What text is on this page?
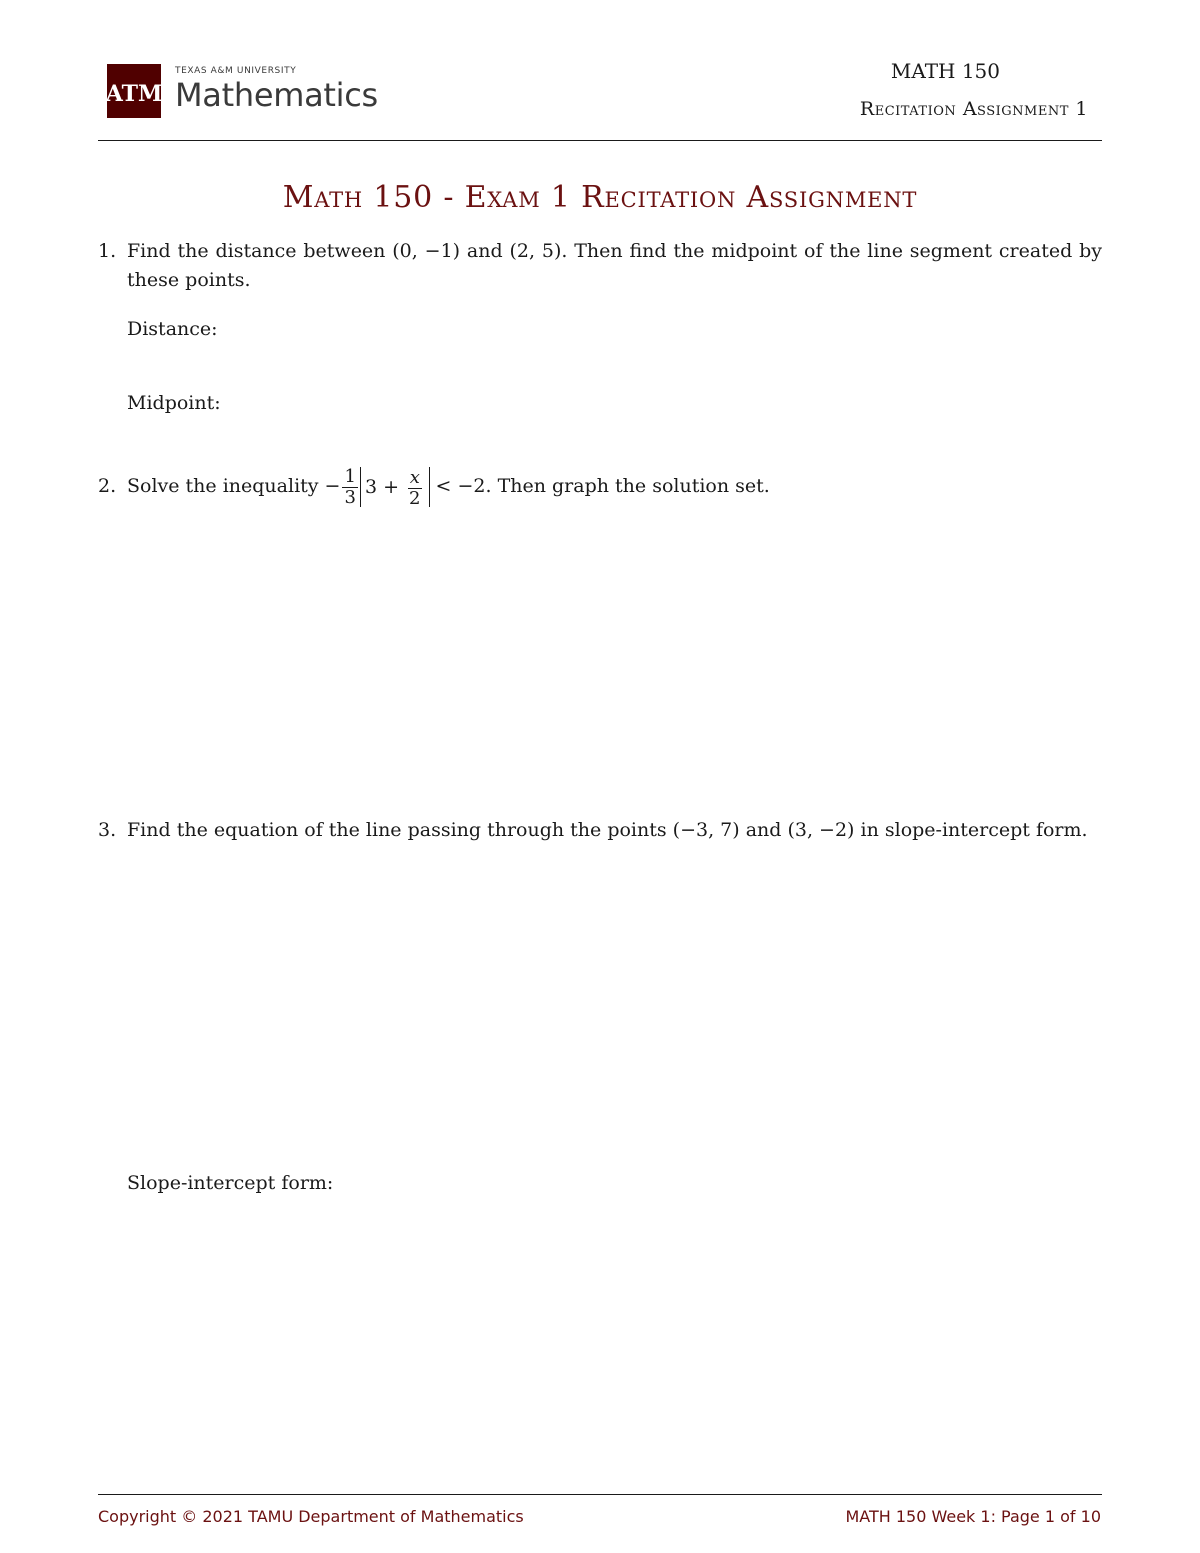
ATM
TEXAS A&M UNIVERSITY
Mathematics
MATH 150
Recitation Assignment 1
Math 150 - Exam 1 Recitation Assignment
1. Find the distance between (0, −1) and (2, 5). Then find the midpoint of the line segment created by these points.
Distance:
Midpoint:
2. Solve the inequality − $\frac{1}{3} 3 + \frac{x}{2} < -2$. Then graph the solution set.
3. Find the equation of the line passing through the points (−3, 7) and (3, −2) in slope-intercept form.
Slope-intercept form:
Copyright © 2021 TAMU Department of Mathematics	MATH 150 Week 1: Page 1 of 10
